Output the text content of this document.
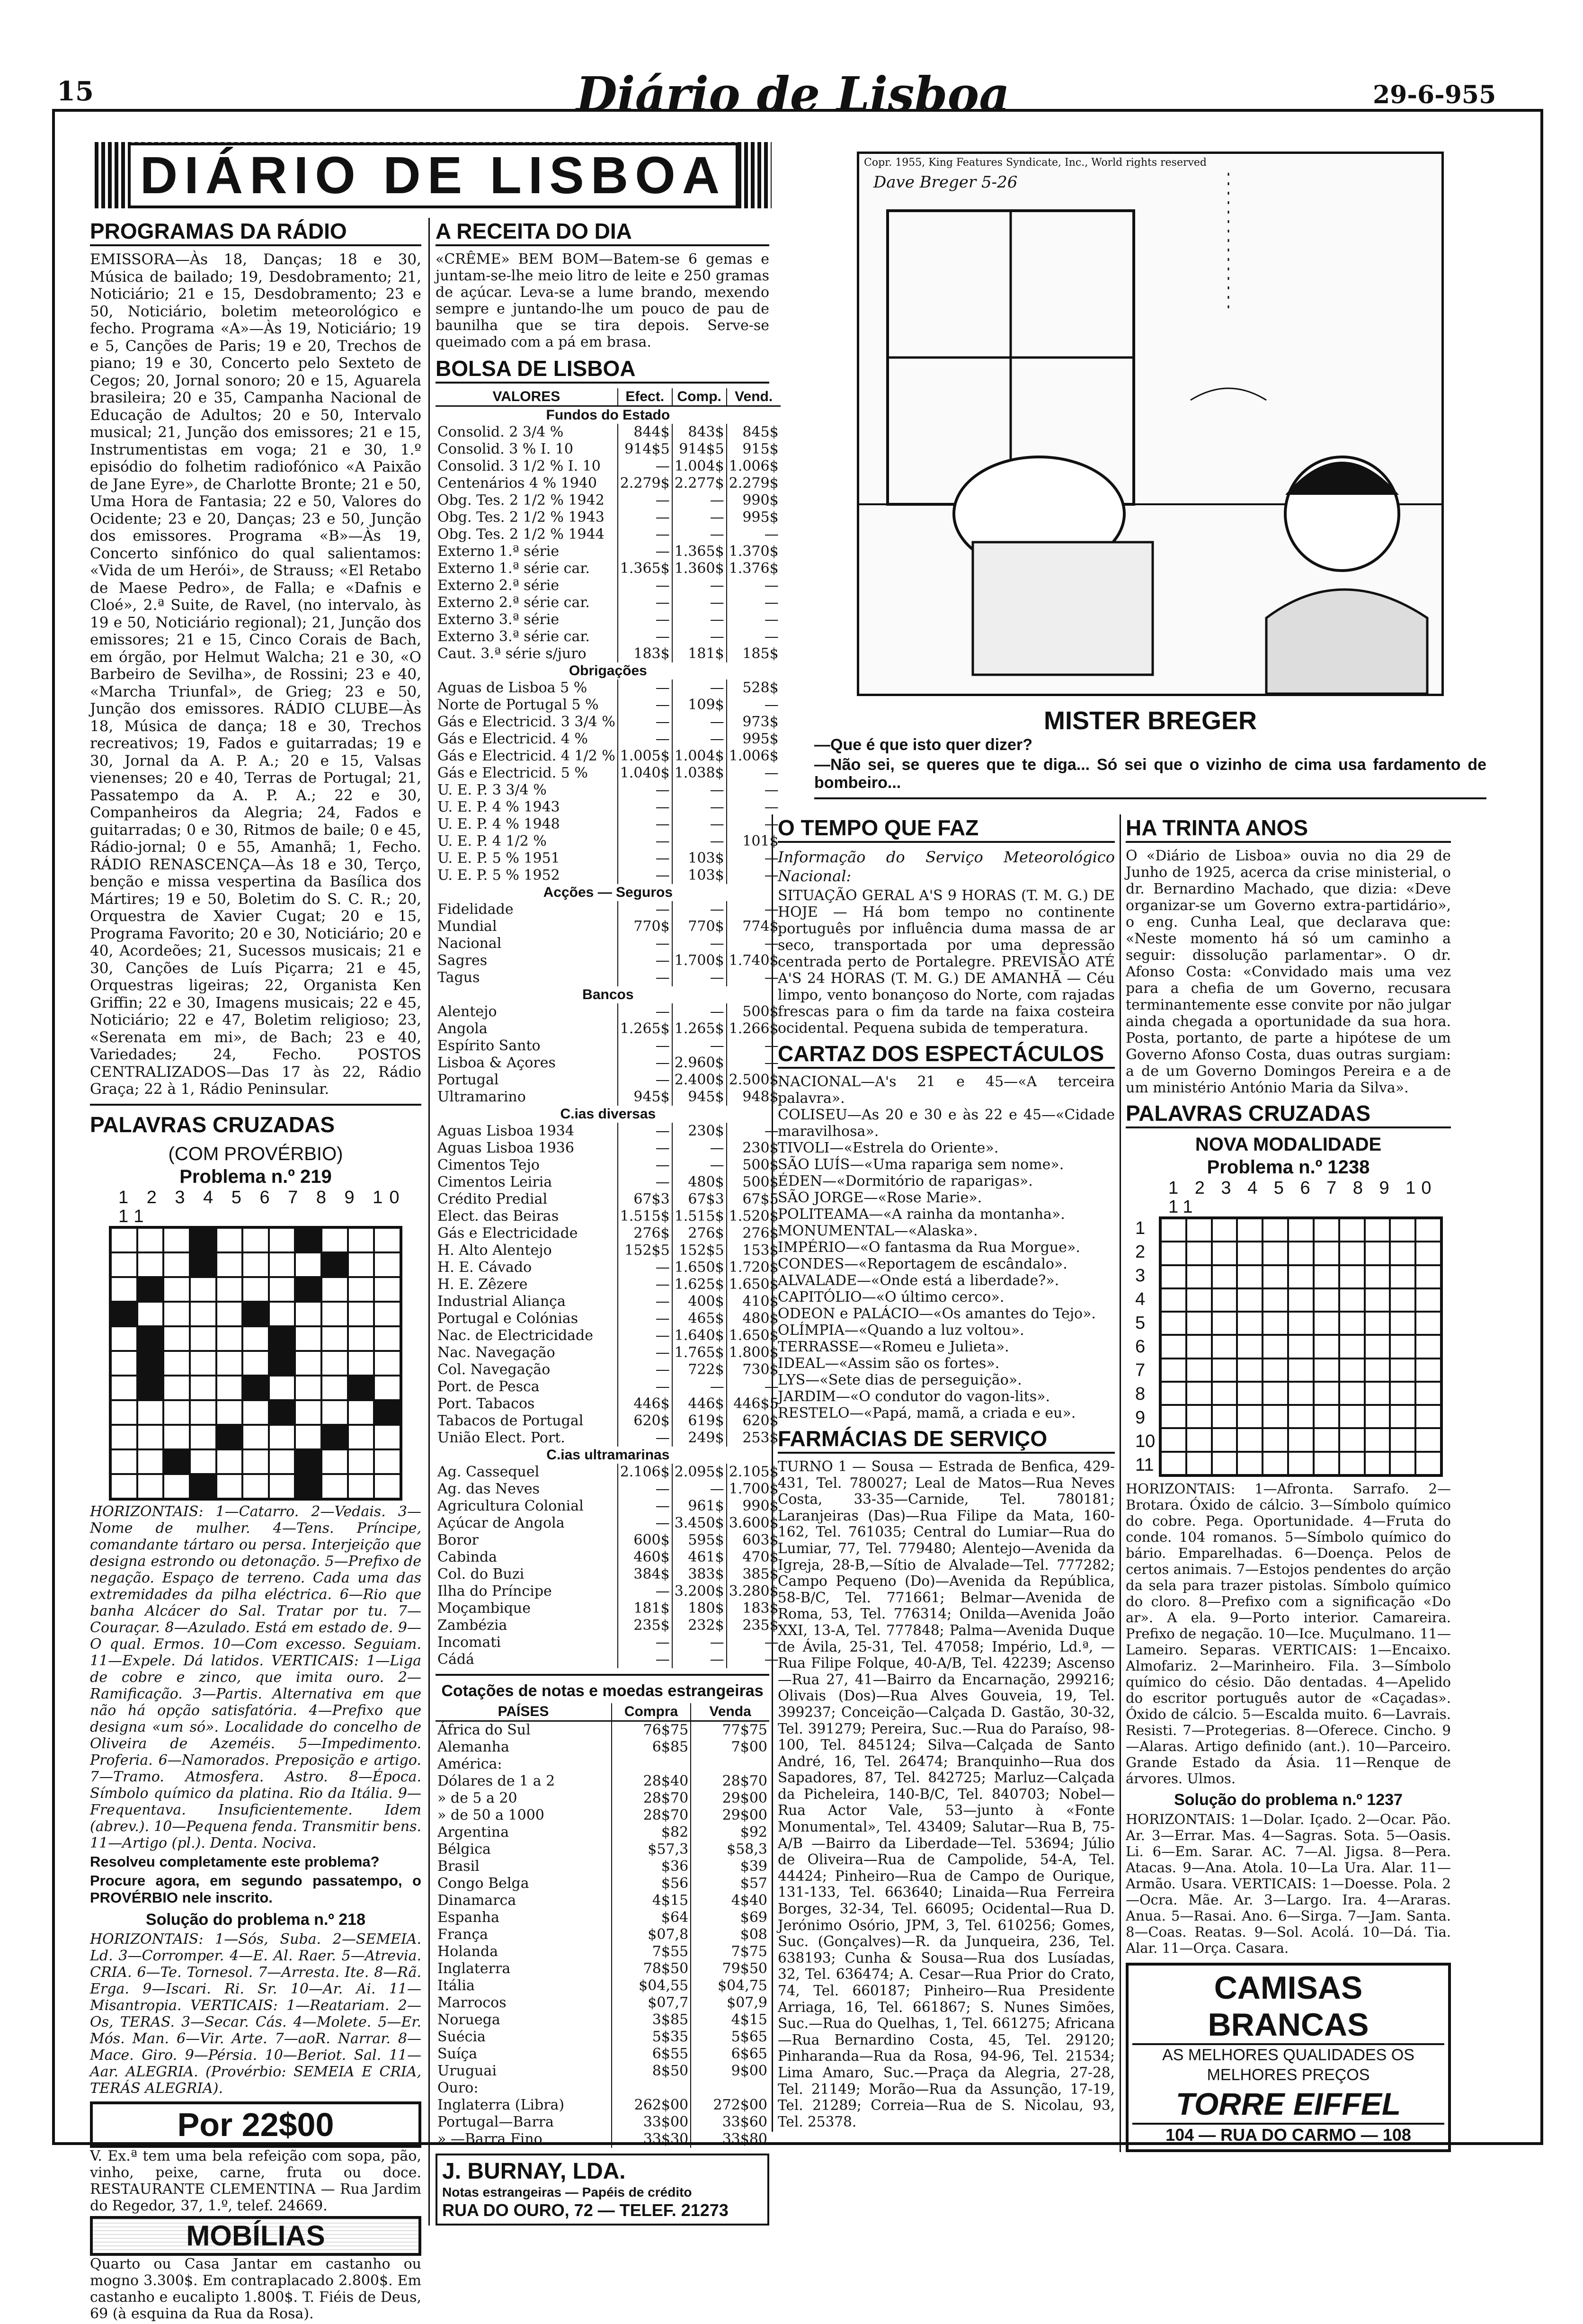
15	Diário de Lisboa	29-6-955
DIÁRIO DE LISBOA
PROGRAMAS DA RÁDIO

EMISSORA—Às 18, Danças; 18 e 30, Música de bailado; 19, Desdobramento; 21, Noticiário; 21 e 15, Desdobramento; 23 e 50, Noticiário, boletim meteorológico e fecho. Programa «A»—Às 19, Noticiário; 19 e 5, Canções de Paris; 19 e 20, Trechos de piano; 19 e 30, Concerto pelo Sexteto de Cegos; 20, Jornal sonoro; 20 e 15, Aguarela brasileira; 20 e 35, Campanha Nacional de Educação de Adultos; 20 e 50, Intervalo musical; 21, Junção dos emissores; 21 e 15, Instrumentistas em voga; 21 e 30, 1.º episódio do folhetim radiofónico «A Paixão de Jane Eyre», de Charlotte Bronte; 21 e 50, Uma Hora de Fantasia; 22 e 50, Valores do Ocidente; 23 e 20, Danças; 23 e 50, Junção dos emissores. Programa «B»—Às 19, Concerto sinfónico do qual salientamos: «Vida de um Herói», de Strauss; «El Retabo de Maese Pedro», de Falla; e «Dafnis e Cloé», 2.ª Suite, de Ravel, (no intervalo, às 19 e 50, Noticiário regional); 21, Junção dos emissores; 21 e 15, Cinco Corais de Bach, em órgão, por Helmut Walcha; 21 e 30, «O Barbeiro de Sevilha», de Rossini; 23 e 40, «Marcha Triunfal», de Grieg; 23 e 50, Junção dos emissores. RÁDIO CLUBE—Às 18, Música de dança; 18 e 30, Trechos recreativos; 19, Fados e guitarradas; 19 e 30, Jornal da A. P. A.; 20 e 15, Valsas vienenses; 20 e 40, Terras de Portugal; 21, Passatempo da A. P. A.; 22 e 30, Companheiros da Alegria; 24, Fados e guitarradas; 0 e 30, Ritmos de baile; 0 e 45, Rádio-jornal; 0 e 55, Amanhã; 1, Fecho. RÁDIO RENASCENÇA—Às 18 e 30, Terço, benção e missa vespertina da Basílica dos Mártires; 19 e 50, Boletim do S. C. R.; 20, Orquestra de Xavier Cugat; 20 e 15, Programa Favorito; 20 e 30, Noticiário; 20 e 40, Acordeões; 21, Sucessos musicais; 21 e 30, Canções de Luís Piçarra; 21 e 45, Orquestras ligeiras; 22, Organista Ken Griffin; 22 e 30, Imagens musicais; 22 e 45, Noticiário; 22 e 47, Boletim religioso; 23, «Serenata em mi», de Bach; 23 e 40, Variedades; 24, Fecho. POSTOS CENTRALIZADOS—Das 17 às 22, Rádio Graça; 22 à 1, Rádio Peninsular.

PALAVRAS CRUZADAS
(COM PROVÉRBIO)
Problema n.º 219
1 2 3 4 5 6 7 8 9 10 11

HORIZONTAIS: 1—Catarro. 2—Vedais. 3—Nome de mulher. 4—Tens. Príncipe, comandante tártaro ou persa. Interjeição que designa estrondo ou detonação. 5—Prefixo de negação. Espaço de terreno. Cada uma das extremidades da pilha eléctrica. 6—Rio que banha Alcácer do Sal. Tratar por tu. 7—Couraçar. 8—Azulado. Está em estado de. 9—O qual. Ermos. 10—Com excesso. Seguiam. 11—Expele. Dá latidos. VERTICAIS: 1—Liga de cobre e zinco, que imita ouro. 2—Ramificação. 3—Partis. Alternativa em que não há opção satisfatória. 4—Prefixo que designa «um só». Localidade do concelho de Oliveira de Azeméis. 5—Impedimento. Proferia. 6—Namorados. Preposição e artigo. 7—Tramo. Atmosfera. Astro. 8—Época. Símbolo químico da platina. Rio da Itália. 9—Frequentava. Insuficientemente. Idem (abrev.). 10—Pequena fenda. Transmitir bens. 11—Artigo (pl.). Denta. Nociva.

Resolveu completamente este problema?

Procure agora, em segundo passatempo, o PROVÉRBIO nele inscrito.

Solução do problema n.º 218

HORIZONTAIS: 1—Sós, Suba. 2—SEMEIA. Ld. 3—Corromper. 4—E. Al. Raer. 5—Atrevia. CRIA. 6—Te. Tornesol. 7—Arresta. Ite. 8—Rã. Erga. 9—Iscari. Ri. Sr. 10—Ar. Ai. 11—Misantropia. VERTICAIS: 1—Reatariam. 2—Os, TERAS. 3—Secar. Cás. 4—Molete. 5—Er. Mós. Man. 6—Vir. Arte. 7—aoR. Narrar. 8—Mace. Giro. 9—Pérsia. 10—Beriot. Sal. 11—Aar. ALEGRIA. (Provérbio: SEMEIA E CRIA, TERÁS ALEGRIA).

Por 22$00

V. Ex.ª tem uma bela refeição com sopa, pão, vinho, peixe, carne, fruta ou doce. RESTAURANTE CLEMENTINA — Rua Jardim do Regedor, 37, 1.º, telef. 24669.

MOBÍLIAS

Quarto ou Casa Jantar em castanho ou mogno 3.300$. Em contraplacado 2.800$. Em castanho e eucalipto 1.800$. T. Fiéis de Deus, 69 (à esquina da Rua da Rosa).

A RECEITA DO DIA

«CRÊME» BEM BOM—Batem-se 6 gemas e juntam-se-lhe meio litro de leite e 250 gramas de açúcar. Leva-se a lume brando, mexendo sempre e juntando-lhe um pouco de pau de baunilha que se tira depois. Serve-se queimado com a pá em brasa.

BOLSA DE LISBOA
VALORES	Efect.	Comp.	Vend.
Fundos do Estado			
Consolid. 2 3/4 %	844$	843$	845$
Consolid. 3 % I. 10	914$5	914$5	915$
Consolid. 3 1/2 % I. 10	—	1.004$	1.006$
Centenários 4 % 1940	2.279$	2.277$	2.279$
Obg. Tes. 2 1/2 % 1942	—	—	990$
Obg. Tes. 2 1/2 % 1943	—	—	995$
Obg. Tes. 2 1/2 % 1944	—	—	—
Externo 1.ª série	—	1.365$	1.370$
Externo 1.ª série car.	1.365$	1.360$	1.376$
Externo 2.ª série	—	—	—
Externo 2.ª série car.	—	—	—
Externo 3.ª série	—	—	—
Externo 3.ª série car.	—	—	—
Caut. 3.ª série s/juro	183$	181$	185$
Obrigações			
Aguas de Lisboa 5 %	—	—	528$
Norte de Portugal 5 %	—	109$	—
Gás e Electricid. 3 3/4 %	—	—	973$
Gás e Electricid. 4 %	—	—	995$
Gás e Electricid. 4 1/2 %	1.005$	1.004$	1.006$
Gás e Electricid. 5 %	1.040$	1.038$	—
U. E. P. 3 3/4 %	—	—	—
U. E. P. 4 % 1943	—	—	—
U. E. P. 4 % 1948	—	—	—
U. E. P. 4 1/2 %	—	—	101$
U. E. P. 5 % 1951	—	103$	—
U. E. P. 5 % 1952	—	103$	—
Acções — Seguros			
Fidelidade	—	—	—
Mundial	770$	770$	774$
Nacional	—	—	—
Sagres	—	1.700$	1.740$
Tagus	—	—	—
Bancos			
Alentejo	—	—	500$
Angola	1.265$	1.265$	1.266$
Espírito Santo	—	—	—
Lisboa & Açores	—	2.960$	—
Portugal	—	2.400$	2.500$
Ultramarino	945$	945$	948$
C.ias diversas			
Aguas Lisboa 1934	—	230$	—
Aguas Lisboa 1936	—	—	230$
Cimentos Tejo	—	—	500$
Cimentos Leiria	—	480$	500$
Crédito Predial	67$3	67$3	67$5
Elect. das Beiras	1.515$	1.515$	1.520$
Gás e Electricidade	276$	276$	276$
H. Alto Alentejo	152$5	152$5	153$
H. E. Cávado	—	1.650$	1.720$
H. E. Zêzere	—	1.625$	1.650$
Industrial Aliança	—	400$	410$
Portugal e Colónias	—	465$	480$
Nac. de Electricidade	—	1.640$	1.650$
Nac. Navegação	—	1.765$	1.800$
Col. Navegação	—	722$	730$
Port. de Pesca	—	—	—
Port. Tabacos	446$	446$	446$5
Tabacos de Portugal	620$	619$	620$
União Elect. Port.	—	249$	253$
C.ias ultramarinas			
Ag. Cassequel	2.106$	2.095$	2.105$
Ag. das Neves	—	—	1.700$
Agricultura Colonial	—	961$	990$
Açúcar de Angola	—	3.450$	3.600$
Boror	600$	595$	603$
Cabinda	460$	461$	470$
Col. do Buzi	384$	383$	385$
Ilha do Príncipe	—	3.200$	3.280$
Moçambique	181$	180$	183$
Zambézia	235$	232$	235$
Incomati	—	—	—
Cádá	—	—	—
Cotações de notas e moedas estrangeiras
PAÍSES	Compra	Venda
África do Sul	76$75	77$75
Alemanha	6$85	7$00
América:		
Dólares de 1 a 2	28$40	28$70
» de 5 a 20	28$70	29$00
» de 50 a 1000	28$70	29$00
Argentina	$82	$92
Bélgica	$57,3	$58,3
Brasil	$36	$39
Congo Belga	$56	$57
Dinamarca	4$15	4$40
Espanha	$64	$69
França	$07,8	$08
Holanda	7$55	7$75
Inglaterra	78$50	79$50
Itália	$04,55	$04,75
Marrocos	$07,7	$07,9
Noruega	3$85	4$15
Suécia	5$35	5$65
Suíça	6$55	6$65
Uruguai	8$50	9$00
Ouro:		
Inglaterra (Libra)	262$00	272$00
Portugal—Barra	33$00	33$60
» —Barra Fino	33$30	33$80
J. BURNAY, LDA.
Notas estrangeiras — Papéis de crédito
RUA DO OURO, 72 — TELEF. 21273
Copr. 1955, King Features Syndicate, Inc., World rights reserved
Dave Breger 5-26
MISTER BREGER

—Que é que isto quer dizer?

—Não sei, se queres que te diga... Só sei que o vizinho de cima usa fardamento de bombeiro...

O TEMPO QUE FAZ

Informação do Serviço Meteorológico Nacional:

SITUAÇÃO GERAL A'S 9 HORAS (T. M. G.) DE HOJE — Há bom tempo no continente português por influência duma massa de ar seco, transportada por uma depressão centrada perto de Portalegre. PREVISÃO ATÉ A'S 24 HORAS (T. M. G.) DE AMANHÃ — Céu limpo, vento bonançoso do Norte, com rajadas frescas para o fim da tarde na faixa costeira ocidental. Pequena subida de temperatura.

CARTAZ DOS ESPECTÁCULOS

NACIONAL—A's 21 e 45—«A terceira palavra».

COLISEU—As 20 e 30 e às 22 e 45—«Cidade maravilhosa».

TIVOLI—«Estrela do Oriente».

SÃO LUÍS—«Uma rapariga sem nome».

ÉDEN—«Dormitório de raparigas».

SÃO JORGE—«Rose Marie».

POLITEAMA—«A rainha da montanha».

MONUMENTAL—«Alaska».

IMPÉRIO—«O fantasma da Rua Morgue».

CONDES—«Reportagem de escândalo».

ALVALADE—«Onde está a liberdade?».

CAPITÓLIO—«O último cerco».

ODEON e PALÁCIO—«Os amantes do Tejo».

OLÍMPIA—«Quando a luz voltou».

TERRASSE—«Romeu e Julieta».

IDEAL—«Assim são os fortes».

LYS—«Sete dias de perseguição».

JARDIM—«O condutor do vagon-lits».

RESTELO—«Papá, mamã, a criada e eu».

FARMÁCIAS DE SERVIÇO

TURNO 1 — Sousa — Estrada de Benfica, 429-431, Tel. 780027; Leal de Matos—Rua Neves Costa, 33-35—Carnide, Tel. 780181; Laranjeiras (Das)—Rua Filipe da Mata, 160-162, Tel. 761035; Central do Lumiar—Rua do Lumiar, 77, Tel. 779480; Alentejo—Avenida da Igreja, 28-B,—Sítio de Alvalade—Tel. 777282; Campo Pequeno (Do)—Avenida da República, 58-B/C, Tel. 771661; Belmar—Avenida de Roma, 53, Tel. 776314; Onilda—Avenida João XXI, 13-A, Tel. 777848; Palma—Avenida Duque de Ávila, 25-31, Tel. 47058; Império, Ld.ª, —Rua Filipe Folque, 40-A/B, Tel. 42239; Ascenso—Rua 27, 41—Bairro da Encarnação, 299216; Olivais (Dos)—Rua Alves Gouveia, 19, Tel. 399237; Conceição—Calçada D. Gastão, 30-32, Tel. 391279; Pereira, Suc.—Rua do Paraíso, 98-100, Tel. 845124; Silva—Calçada de Santo André, 16, Tel. 26474; Branquinho—Rua dos Sapadores, 87, Tel. 842725; Marluz—Calçada da Picheleira, 140-B/C, Tel. 840703; Nobel—Rua Actor Vale, 53—junto à «Fonte Monumental», Tel. 43409; Salutar—Rua B, 75-A/B —Bairro da Liberdade—Tel. 53694; Júlio de Oliveira—Rua de Campolide, 54-A, Tel. 44424; Pinheiro—Rua de Campo de Ourique, 131-133, Tel. 663640; Linaida—Rua Ferreira Borges, 32-34, Tel. 66095; Ocidental—Rua D. Jerónimo Osório, JPM, 3, Tel. 610256; Gomes, Suc. (Gonçalves)—R. da Junqueira, 236, Tel. 638193; Cunha & Sousa—Rua dos Lusíadas, 32, Tel. 636474; A. Cesar—Rua Prior do Crato, 74, Tel. 660187; Pinheiro—Rua Presidente Arriaga, 16, Tel. 661867; S. Nunes Simões, Suc.—Rua do Quelhas, 1, Tel. 661275; Africana—Rua Bernardino Costa, 45, Tel. 29120; Pinharanda—Rua da Rosa, 94-96, Tel. 21534; Lima Amaro, Suc.—Praça da Alegria, 27-28, Tel. 21149; Morão—Rua da Assunção, 17-19, Tel. 21289; Correia—Rua de S. Nicolau, 93, Tel. 25378.

HA TRINTA ANOS

O «Diário de Lisboa» ouvia no dia 29 de Junho de 1925, acerca da crise ministerial, o dr. Bernardino Machado, que dizia: «Deve organizar-se um Governo extra-partidário», o eng. Cunha Leal, que declarava que: «Neste momento há só um caminho a seguir: dissolução parlamentar». O dr. Afonso Costa: «Convidado mais uma vez para a chefia de um Governo, recusara terminantemente esse convite por não julgar ainda chegada a oportunidade da sua hora. Posta, portanto, de parte a hipótese de um Governo Afonso Costa, duas outras surgiam: a de um Governo Domingos Pereira e a de um ministério António Maria da Silva».

PALAVRAS CRUZADAS
NOVA MODALIDADE
Problema n.º 1238
1 2 3 4 5 6 7 8 9 10 11
1
2
3
4
5
6
7
8
9
10
11

HORIZONTAIS: 1—Afronta. Sarrafo. 2—Brotara. Óxido de cálcio. 3—Símbolo químico do cobre. Pega. Oportunidade. 4—Fruta do conde. 104 romanos. 5—Símbolo químico do bário. Emparelhadas. 6—Doença. Pelos de certos animais. 7—Estojos pendentes do arção da sela para trazer pistolas. Símbolo químico do cloro. 8—Prefixo com a significação «Do ar». A ela. 9—Porto interior. Camareira. Prefixo de negação. 10—Ice. Muçulmano. 11—Lameiro. Separas. VERTICAIS: 1—Encaixo. Almofariz. 2—Marinheiro. Fila. 3—Símbolo químico do césio. Dão dentadas. 4—Apelido do escritor português autor de «Caçadas». Óxido de cálcio. 5—Escalda muito. 6—Lavrais. Resisti. 7—Protegerias. 8—Oferece. Cincho. 9—Alaras. Artigo definido (ant.). 10—Parceiro. Grande Estado da Ásia. 11—Renque de árvores. Ulmos.

Solução do problema n.º 1237

HORIZONTAIS: 1—Dolar. Içado. 2—Ocar. Pão. Ar. 3—Errar. Mas. 4—Sagras. Sota. 5—Oasis. Li. 6—Em. Sarar. AC. 7—Al. Jigsa. 8—Pera. Atacas. 9—Ana. Atola. 10—La Ura. Alar. 11—Armão. Usara. VERTICAIS: 1—Doesse. Pola. 2—Ocra. Mãe. Ar. 3—Largo. Ira. 4—Araras. Anua. 5—Rasai. Ano. 6—Sirga. 7—Jam. Santa. 8—Coas. Reatas. 9—Sol. Acolá. 10—Dá. Tia. Alar. 11—Orça. Casara.

CAMISAS BRANCAS
AS MELHORES QUALIDADES OS MELHORES PREÇOS
TORRE EIFFEL
104 — RUA DO CARMO — 108
